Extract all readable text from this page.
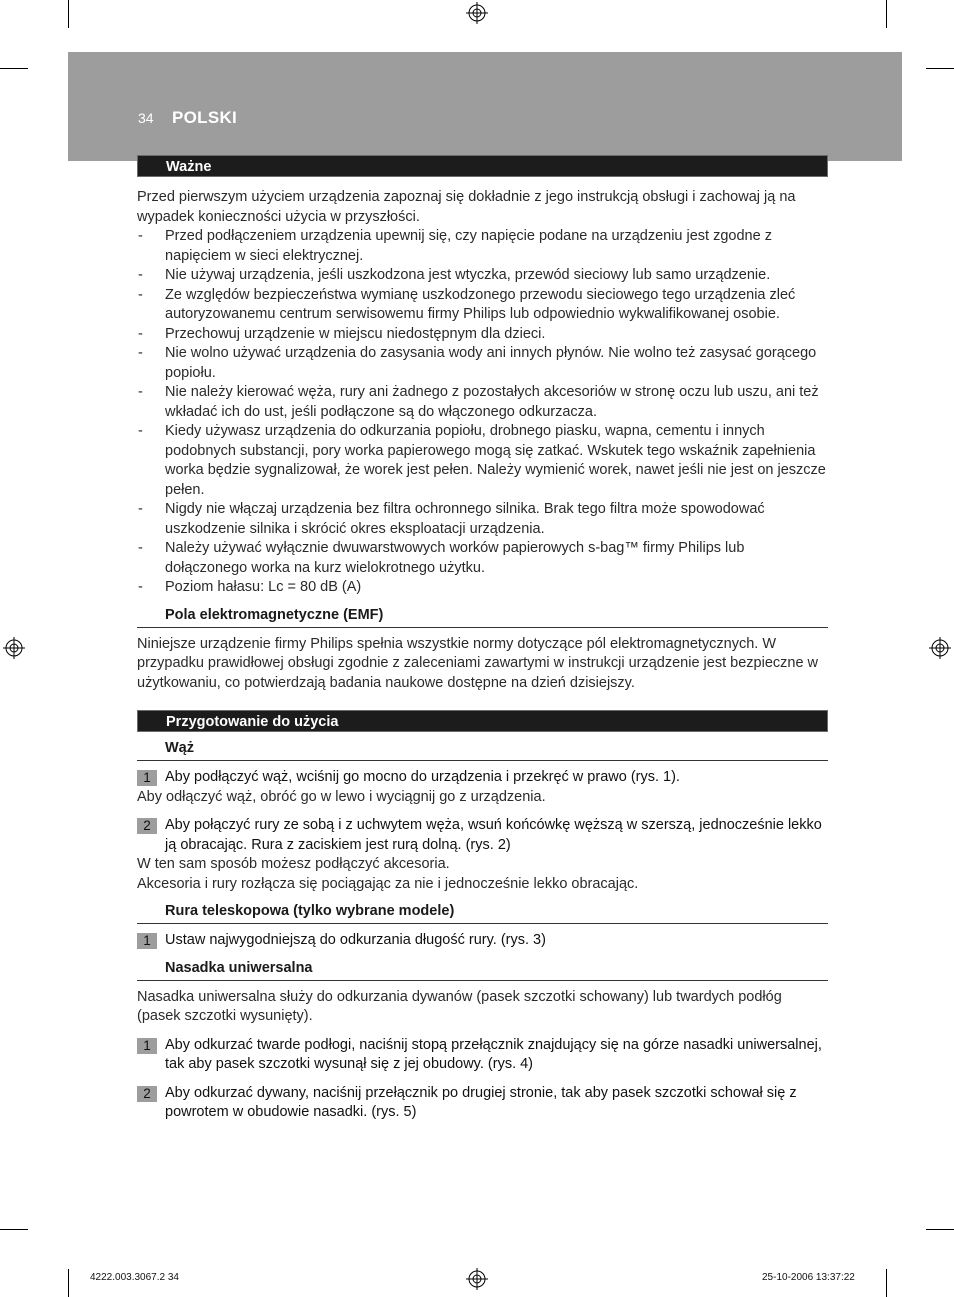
34 POLSKI
Ważne

Przed pierwszym użyciem urządzenia zapoznaj się dokładnie z jego instrukcją obsługi i zachowaj ją na wypadek konieczności użycia w przyszłości.

- Przed podłączeniem urządzenia upewnij się, czy napięcie podane na urządzeniu jest zgodne z napięciem w sieci elektrycznej.
- Nie używaj urządzenia, jeśli uszkodzona jest wtyczka, przewód sieciowy lub samo urządzenie.
- Ze względów bezpieczeństwa wymianę uszkodzonego przewodu sieciowego tego urządzenia zleć autoryzowanemu centrum serwisowemu firmy Philips lub odpowiednio wykwalifikowanej osobie.
- Przechowuj urządzenie w miejscu niedostępnym dla dzieci.
- Nie wolno używać urządzenia do zasysania wody ani innych płynów. Nie wolno też zasysać gorącego popiołu.
- Nie należy kierować węża, rury ani żadnego z pozostałych akcesoriów w stronę oczu lub uszu, ani też wkładać ich do ust, jeśli podłączone są do włączonego odkurzacza.
- Kiedy używasz urządzenia do odkurzania popiołu, drobnego piasku, wapna, cementu i innych podobnych substancji, pory worka papierowego mogą się zatkać. Wskutek tego wskaźnik zapełnienia worka będzie sygnalizował, że worek jest pełen. Należy wymienić worek, nawet jeśli nie jest on jeszcze pełen.
- Nigdy nie włączaj urządzenia bez filtra ochronnego silnika. Brak tego filtra może spowodować uszkodzenie silnika i skrócić okres eksploatacji urządzenia.
- Należy używać wyłącznie dwuwarstwowych worków papierowych s-bag™ firmy Philips lub dołączonego worka na kurz wielokrotnego użytku.
- Poziom hałasu: Lc = 80 dB (A)
Pola elektromagnetyczne (EMF)

Niniejsze urządzenie firmy Philips spełnia wszystkie normy dotyczące pól elektromagnetycznych. W przypadku prawidłowej obsługi zgodnie z zaleceniami zawartymi w instrukcji urządzenie jest bezpieczne w użytkowaniu, co potwierdzają badania naukowe dostępne na dzień dzisiejszy.

Przygotowanie do użycia
Wąż
1 Aby podłączyć wąż, wciśnij go mocno do urządzenia i przekręć w prawo (rys. 1).
Aby odłączyć wąż, obróć go w lewo i wyciągnij go z urządzenia.
2 Aby połączyć rury ze sobą i z uchwytem węża, wsuń końcówkę węższą w szerszą, jednocześnie lekko ją obracając. Rura z zaciskiem jest rurą dolną. (rys. 2)
W ten sam sposób możesz podłączyć akcesoria.
Akcesoria i rury rozłącza się pociągając za nie i jednocześnie lekko obracając.
Rura teleskopowa (tylko wybrane modele)
1 Ustaw najwygodniejszą do odkurzania długość rury. (rys. 3)
Nasadka uniwersalna

Nasadka uniwersalna służy do odkurzania dywanów (pasek szczotki schowany) lub twardych podłóg (pasek szczotki wysunięty).

1 Aby odkurzać twarde podłogi, naciśnij stopą przełącznik znajdujący się na górze nasadki uniwersalnej, tak aby pasek szczotki wysunął się z jej obudowy. (rys. 4)
2 Aby odkurzać dywany, naciśnij przełącznik po drugiej stronie, tak aby pasek szczotki schował się z powrotem w obudowie nasadki. (rys. 5)
4222.003.3067.2 34	25-10-2006 13:37:22
